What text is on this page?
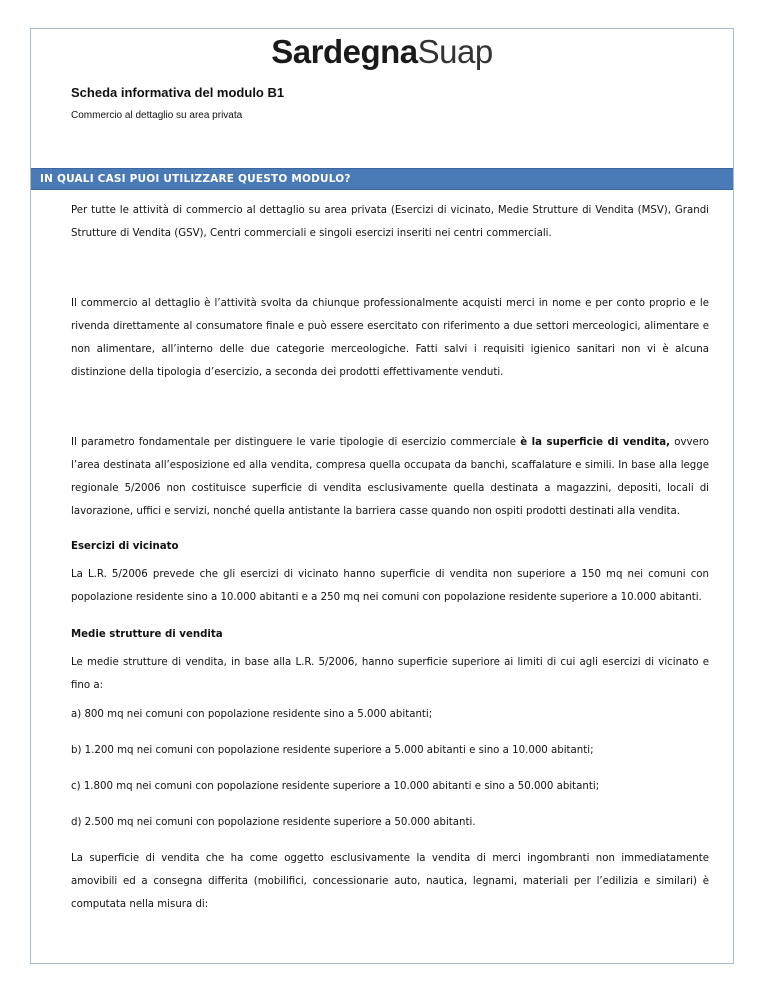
SardegnaSuap
Scheda informativa del modulo B1
Commercio al dettaglio su area privata
IN QUALI CASI PUOI UTILIZZARE QUESTO MODULO?

Per tutte le attività di commercio al dettaglio su area privata (Esercizi di vicinato, Medie Strutture di Vendita (MSV), Grandi Strutture di Vendita (GSV), Centri commerciali e singoli esercizi inseriti nei centri commerciali.

Il commercio al dettaglio è l’attività svolta da chiunque professionalmente acquisti merci in nome e per conto proprio e le rivenda direttamente al consumatore finale e può essere esercitato con riferimento a due settori merceologici, alimentare e non alimentare, all’interno delle due categorie merceologiche. Fatti salvi i requisiti igienico sanitari non vi è alcuna distinzione della tipologia d’esercizio, a seconda dei prodotti effettivamente venduti.

Il parametro fondamentale per distinguere le varie tipologie di esercizio commerciale è la superficie di vendita, ovvero l’area destinata all’esposizione ed alla vendita, compresa quella occupata da banchi, scaffalature e simili. In base alla legge regionale 5/2006 non costituisce superficie di vendita esclusivamente quella destinata a magazzini, depositi, locali di lavorazione, uffici e servizi, nonché quella antistante la barriera casse quando non ospiti prodotti destinati alla vendita.

Esercizi di vicinato

La L.R. 5/2006 prevede che gli esercizi di vicinato hanno superficie di vendita non superiore a 150 mq nei comuni con popolazione residente sino a 10.000 abitanti e a 250 mq nei comuni con popolazione residente superiore a 10.000 abitanti.

Medie strutture di vendita

Le medie strutture di vendita, in base alla L.R. 5/2006, hanno superficie superiore ai limiti di cui agli esercizi di vicinato e fino a:

a) 800 mq nei comuni con popolazione residente sino a 5.000 abitanti;

b) 1.200 mq nei comuni con popolazione residente superiore a 5.000 abitanti e sino a 10.000 abitanti;

c) 1.800 mq nei comuni con popolazione residente superiore a 10.000 abitanti e sino a 50.000 abitanti;

d) 2.500 mq nei comuni con popolazione residente superiore a 50.000 abitanti.

La superficie di vendita che ha come oggetto esclusivamente la vendita di merci ingombranti non immediatamente amovibili ed a consegna differita (mobilifici, concessionarie auto, nautica, legnami, materiali per l’edilizia e similari) è computata nella misura di:
